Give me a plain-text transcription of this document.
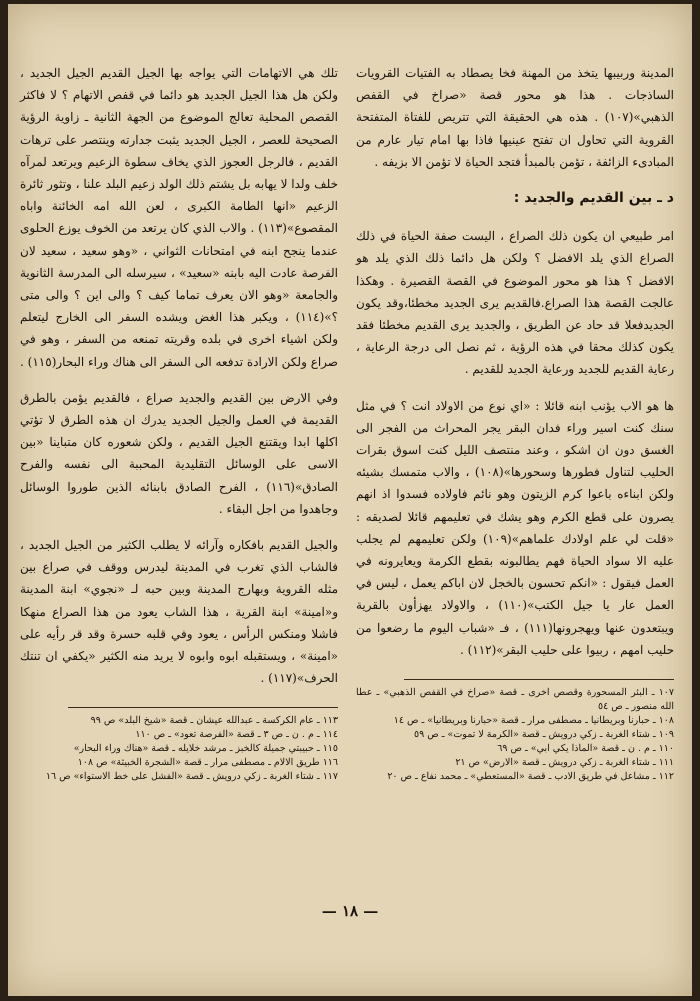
المدينة وربيبها يتخذ من المهنة فخا يصطاد به الفتيات القرويات الساذجات . هذا هو محور قصة «صراخ في القفص الذهبي»(١٠٧) . هذه هي الحقيقة التي تتريص للفتاة المتفتحة القروية التي تحاول ان تفتح عينيها فاذا بها امام تيار عارم من المبادىء الزائفة ، تؤمن بالمبدأ فتجد الحياة لا تؤمن الا بزيفه .

د ـ بين القديم والجديد :

امر طبيعي ان يكون ذلك الصراع ، اليست صفة الحياة في ذلك الصراع الذي يلد الافضل ؟ ولكن هل دائما ذلك الذي يلد هو الافضل ؟ هذا هو محور الموضوع في القصة القصيرة . وهكذا عالجت القصة هذا الصراع.فالقديم يرى الجديد مخطئا،وقد يكون الجديدفعلا قد حاد عن الطريق ، والجديد يرى القديم مخطئا فقد يكون كذلك محقا في هذه الرؤية ، ثم نصل الى درجة الرعاية ، رعاية القديم للجديد ورعاية الجديد للقديم .

ها هو الاب يؤنب ابنه قائلا : «اي نوع من الاولاد انت ؟ في مثل سنك كنت اسير وراء فدان البقر يجر المحراث من الفجر الى الغسق دون ان اشكو ، وعند منتصف الليل كنت اسوق بقرات الحليب لتناول فطورها وسحورها»(١٠٨) ، والاب متمسك بشيئه ولكن ابناءه باعوا كرم الزيتون وهو نائم فاولاده فسدوا اذ انهم يصرون على قطع الكرم وهو يشك في تعليمهم قائلا لصديقه : «قلت لي علم اولادك علماهم»(١٠٩) ولكن تعليمهم لم يجلب عليه الا سواد الحياة فهم يطالبونه بقطع الكرمة ويعايرونه في العمل فيقول : «انكم تحسون بالخجل لان اباكم يعمل ، ليس في العمل عار يا جيل الكتب»(١١٠) ، والاولاد يهزأون بالقرية ويبتعدون عنها ويهجرونها(١١١) ، فـ «شباب اليوم ما رضعوا من حليب امهم ، ربيوا على حليب البقر»(١١٢) .

١٠٧ ـ البئر المسحورة وقصص اخرى ـ قصة «صراخ في القفص الذهبي» ـ عطا الله منصور ـ ص ٥٤
١٠٨ ـ حبارنا وبريطانيا ـ مصطفى مرار ـ قصة «حبارنا وبريطانيا» ـ ص ١٤
١٠٩ ـ شتاء الغربة ـ زكي درويش ـ قصة «الكرمة لا تموت» ـ ص ٥٩
١١٠ ـ م . ن ـ قصة «الماذا يكي ابي» ـ ص ٦٩
١١١ ـ شتاء الغربة ـ زكي درويش ـ قصة «الارض» ص ٢١
١١٢ ـ مشاعل في طريق الادب ـ قصة «المستعطي» ـ محمد نفاع ـ ص ٢٠

تلك هي الاتهامات التي يواجه بها الجيل القديم الجيل الجديد ، ولكن هل هذا الجيل الجديد هو دائما في قفص الاتهام ؟ لا فاكثر القصص المحلية تعالج الموضوع من الجهة الثانية ـ زاوية الرؤية الصحيحة للعصر ، الجيل الجديد يثبت جدارته وينتصر على ترهات القديم ، فالرجل العجوز الذي يخاف سطوة الزعيم ويرتعد لمرآه خلف ولدا لا يهابه بل يشتم ذلك الولد زعيم البلد علنا ، وتثور ثائرة الزعيم «انها الطامة الكبرى ، لعن الله امه الخائنة واباه المقصوع»(١١٣) . والاب الذي كان يرتعد من الخوف يوزع الحلوى عندما ينجح ابنه في امتحانات الثواني ، «وهو سعيد ، سعيد لان الفرصة عادت اليه بابنه «سعيد» ، سيرسله الى المدرسة الثانوية والجامعة «وهو الان يعرف تماما كيف ؟ والى اين ؟ والى متى ؟»(١١٤) ، ويكبر هذا الغض ويشده السفر الى الخارج ليتعلم ولكن اشياء اخرى في بلده وقريته تمنعه من السفر ، وهو في صراع ولكن الارادة تدفعه الى السفر الى هناك وراء البحار(١١٥) .

وفي الارض بين القديم والجديد صراع ، فالقديم يؤمن بالطرق القديمة في العمل والجيل الجديد يدرك ان هذه الطرق لا تؤتي اكلها ابدا ويقتنع الجيل القديم ، ولكن شعوره كان متباينا «بين الاسى على الوسائل التقليدية المحببة الى نفسه والفرح الصادق»(١١٦) ، الفرح الصادق بابنائه الذين طوروا الوسائل وجاهدوا من اجل البقاء .

والجيل القديم بافكاره وآرائه لا يطلب الكثير من الجيل الجديد ، فالشاب الذي تغرب في المدينة ليدرس ووقف في صراع بين مثله القروية وبهارج المدينة وبين حبه لـ «نجوي» ابنة المدينة و«امينة» ابنة القرية ، هذا الشاب يعود من هذا الصراع منهكا فاشلا ومنكس الرأس ، يعود وفي قلبه حسرة وقد قر رأيه على «امينة» ، ويستقبله ابوه وابوه لا يريد منه الكثير «يكفي ان تنتك الحرف»(١١٧) .

١١٣ ـ عام الكركسة ـ عبدالله عيشان ـ قصة «شيخ البلد» ص ٩٩
١١٤ ـ م . ن ـ ص ٣ ـ قصة «الفرصة تعود» ـ ص ١١٠
١١٥ ـ حبيبتي جميلة كالخبز ـ مرشد خلايله ـ قصة «هناك وراء البحار»
١١٦ طريق الالام ـ مصطفى مرار ـ قصة «الشجرة الخبيثة» ص ١٠٨
١١٧ ـ شتاء الغربة ـ زكي درويش ـ قصة «الفشل على خط الاستواء» ص ١٦
— ١٨ —
